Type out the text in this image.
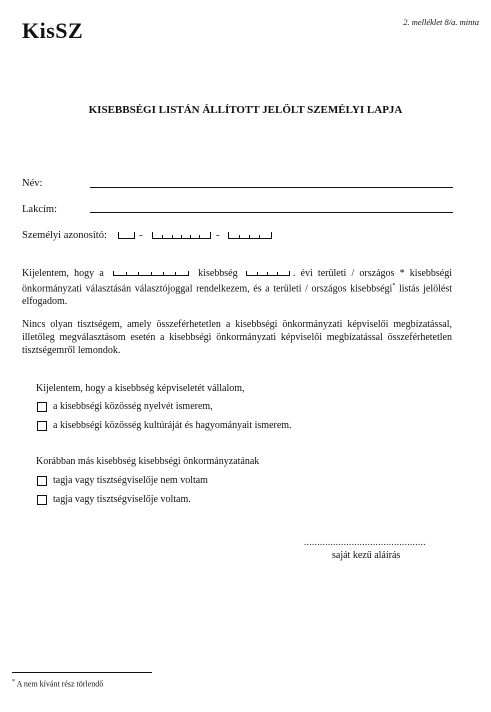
KisSZ	2. melléklet 8/a. minta
KISEBBSÉGI LISTÁN ÁLLÍTOTT JELÖLT SZEMÉLYI LAPJA
Név:
Lakcím:
Személyi azonosító:	-	-
Kijelentem, hogy a	kisebbség	. évi területi / országos * kisebbségi önkormányzati választásán választójoggal rendelkezem, és a területi / országos kisebbségi* listás jelölést elfogadom.
Nincs olyan tisztségem, amely összeférhetetlen a kisebbségi önkormányzati képviselői megbízatással, illetőleg megválasztásom esetén a kisebbségi önkormányzati képviselői megbízatással összeférhetetlen tisztségemről lemondok.
Kijelentem, hogy a kisebbség képviseletét vállalom,
a kisebbségi közösség nyelvét ismerem,
a kisebbségi közösség kultúráját és hagyományait ismerem.
Korábban más kisebbség kisebbségi önkormányzatának
tagja vagy tisztségviselője nem voltam
tagja vagy tisztségviselője voltam.
..............................................
saját kezű aláírás
* A nem kívánt rész törlendő
